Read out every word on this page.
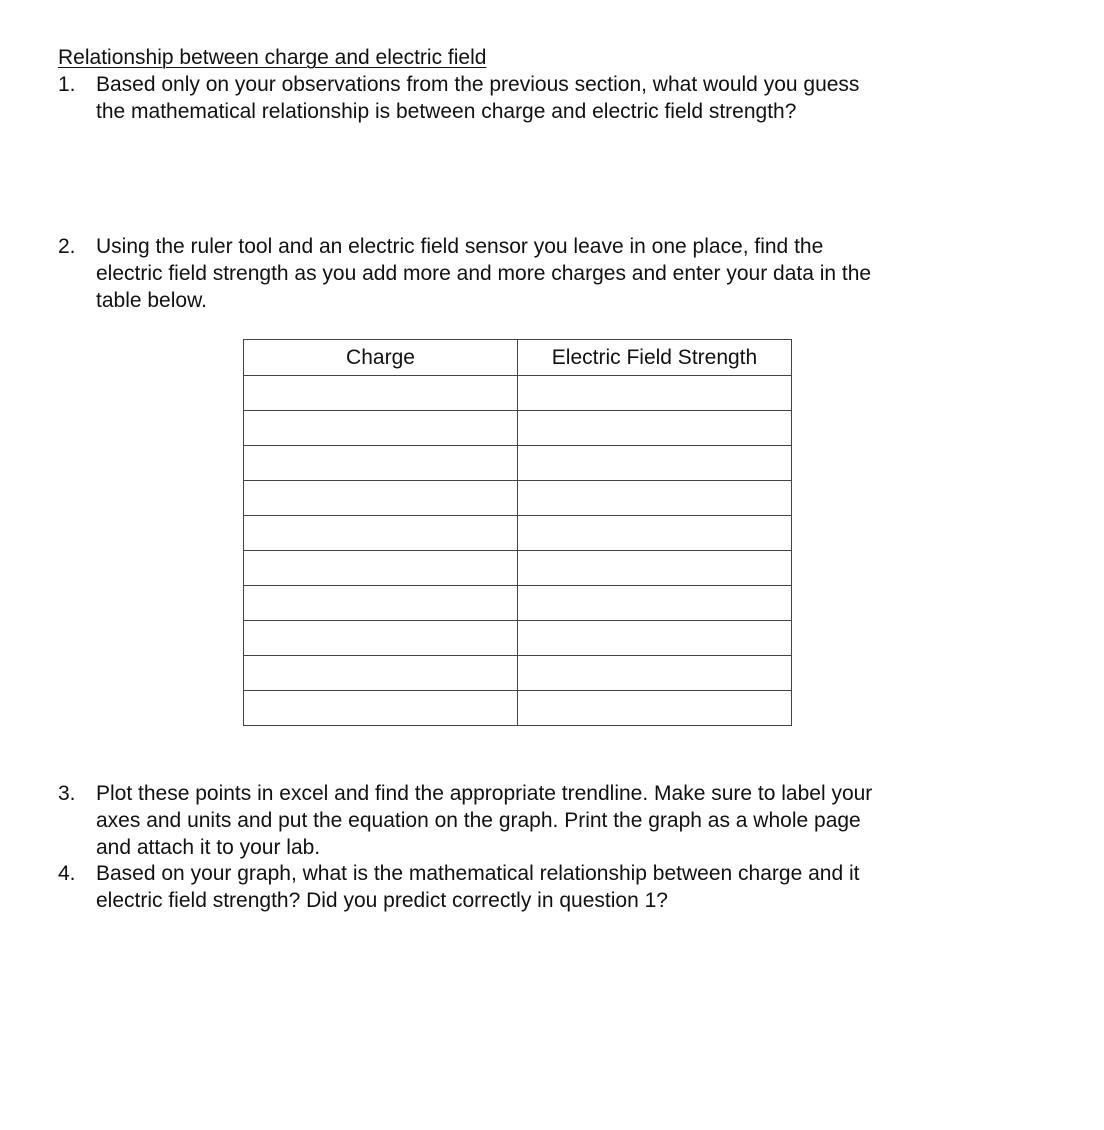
Relationship between charge and electric field
1. Based only on your observations from the previous section, what would you guess
the mathematical relationship is between charge and electric field strength?
2. Using the ruler tool and an electric field sensor you leave in one place, find the
electric field strength as you add more and more charges and enter your data in the
table below.
Charge	Electric Field Strength

3. Plot these points in excel and find the appropriate trendline. Make sure to label your
axes and units and put the equation on the graph. Print the graph as a whole page
and attach it to your lab.
4. Based on your graph, what is the mathematical relationship between charge and it
electric field strength? Did you predict correctly in question 1?
